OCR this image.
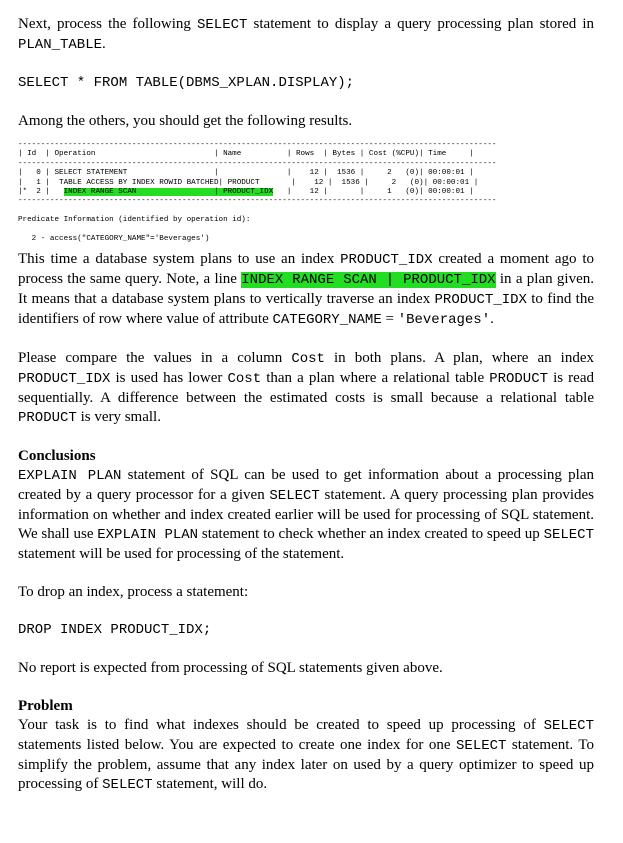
Next, process the following SELECT statement to display a query processing plan stored in PLAN_TABLE.

SELECT * FROM TABLE(DBMS_XPLAN.DISPLAY);

Among the others, you should get the following results.

---------------------------------------------------------------------------------------------------------
| Id  | Operation                          | Name          | Rows  | Bytes | Cost (%CPU)| Time     |
---------------------------------------------------------------------------------------------------------
|   0 | SELECT STATEMENT                   |               |    12 |  1536 |     2   (0)| 00:00:01 |
|   1 |  TABLE ACCESS BY INDEX ROWID BATCHED| PRODUCT       |    12 |  1536 |     2   (0)| 00:00:01 |
|*  2 |   INDEX RANGE SCAN                 | PRODUCT_IDX   |    12 |       |     1   (0)| 00:00:01 |
---------------------------------------------------------------------------------------------------------

Predicate Information (identified by operation id):

2 - access("CATEGORY_NAME"='Beverages')

This time a database system plans to use an index PRODUCT_IDX created a moment ago to process the same query. Note, a line INDEX RANGE SCAN | PRODUCT_IDX in a plan given. It means that a database system plans to vertically traverse an index PRODUCT_IDX to find the identifiers of row where value of attribute CATEGORY_NAME = 'Beverages'.

Please compare the values in a column Cost in both plans. A plan, where an index PRODUCT_IDX is used has lower Cost than a plan where a relational table PRODUCT is read sequentially. A difference between the estimated costs is small because a relational table PRODUCT is very small.

Conclusions

EXPLAIN PLAN statement of SQL can be used to get information about a processing plan created by a query processor for a given SELECT statement. A query processing plan provides information on whether and index created earlier will be used for processing of SQL statement. We shall use EXPLAIN PLAN statement to check whether an index created to speed up SELECT statement will be used for processing of the statement.

To drop an index, process a statement:

DROP INDEX PRODUCT_IDX;

No report is expected from processing of SQL statements given above.

Problem

Your task is to find what indexes should be created to speed up processing of SELECT statements listed below. You are expected to create one index for one SELECT statement. To simplify the problem, assume that any index later on used by a query optimizer to speed up processing of SELECT statement, will do.
